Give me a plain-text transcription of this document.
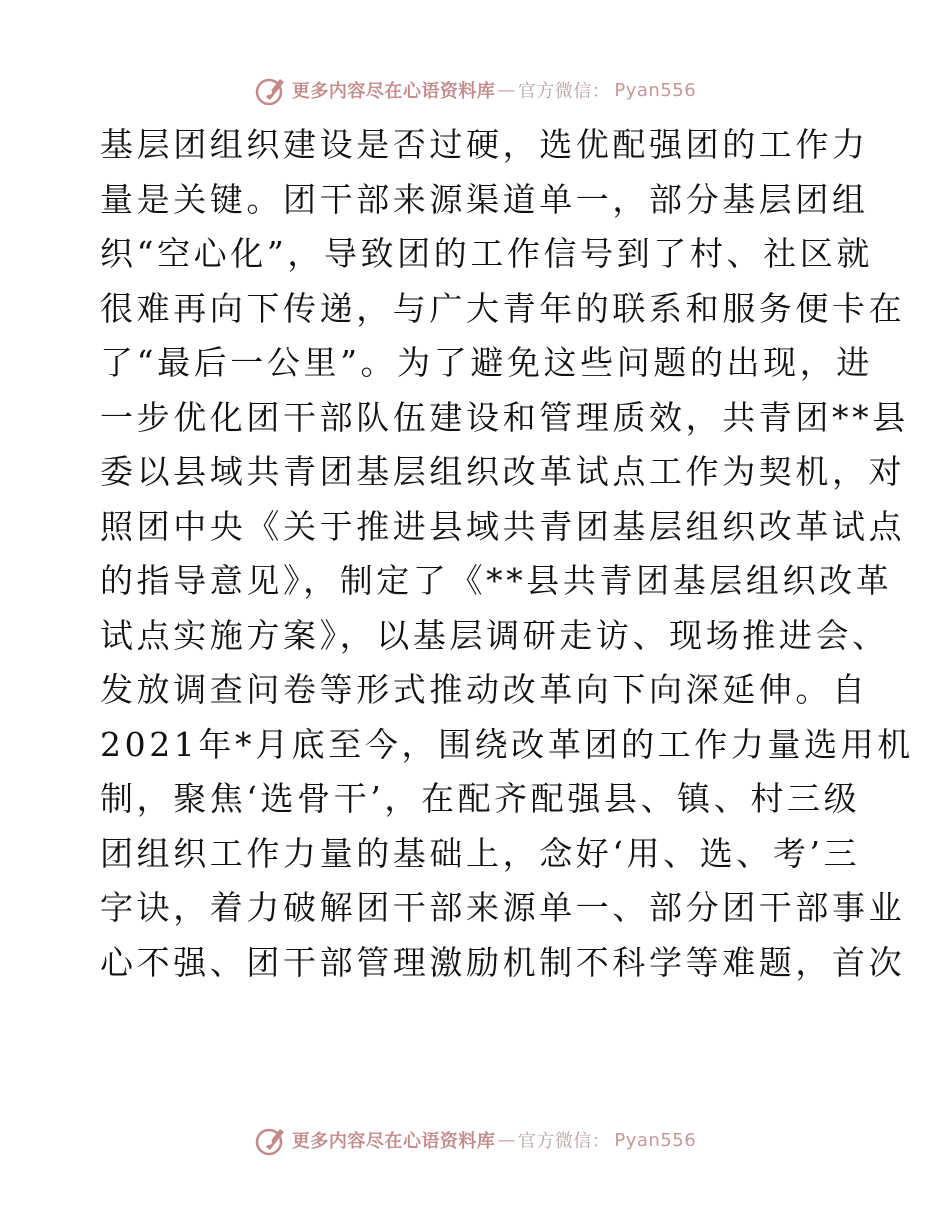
更多内容尽在心语资料库 — 官方微信： Pyan556
基层团组织建设是否过硬，选优配强团的工作力
量是关键。团干部来源渠道单一，部分基层团组
织“空心化”，导致团的工作信号到了村、社区就
很难再向下传递，与广大青年的联系和服务便卡在
了“最后一公里”。为了避免这些问题的出现，进
一步优化团干部队伍建设和管理质效，共青团**县
委以县域共青团基层组织改革试点工作为契机，对
照团中央《关于推进县域共青团基层组织改革试点
的指导意见》，制定了《**县共青团基层组织改革
试点实施方案》，以基层调研走访、现场推进会、
发放调查问卷等形式推动改革向下向深延伸。自
2021年*月底至今，围绕改革团的工作力量选用机
制，聚焦‘选骨干’，在配齐配强县、镇、村三级
团组织工作力量的基础上，念好‘用、选、考’三
字诀，着力破解团干部来源单一、部分团干部事业
心不强、团干部管理激励机制不科学等难题，首次
更多内容尽在心语资料库 — 官方微信： Pyan556
